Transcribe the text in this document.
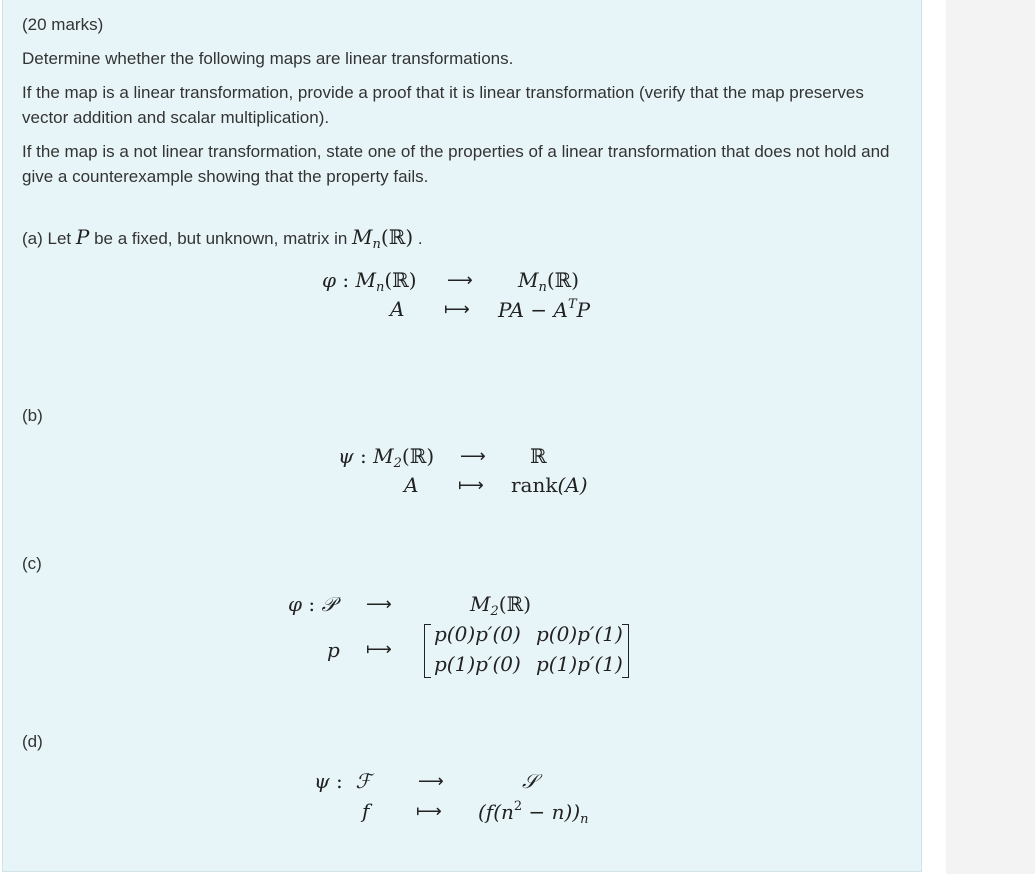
(20 marks)

Determine whether the following maps are linear transformations.

If the map is a linear transformation, provide a proof that it is linear transformation (verify that the map preserves vector addition and scalar multiplication).

If the map is a not linear transformation, state one of the properties of a linear transformation that does not hold and give a counterexample showing that the property fails.

(a) Let P be a fixed, but unknown, matrix in $M_n(ℝ)$ .

φ : $M_n(ℝ)$ ⟶ $M_n(ℝ)$
A ⟼ PA − $A^TP$

(b)

ψ : $M_2(ℝ)$ ⟶ ℝ
A ⟼ rank(A)

(c)

φ : 𝒫 ⟶	$M_2(ℝ)$
p ⟼
p(0)p′(0) p(0)p′(1)
p(1)p′(0) p(1)p′(1)

(d)

ψ :  ℱ	⟶	𝒮
f	⟼ $(f(n^2 - n))_n$
